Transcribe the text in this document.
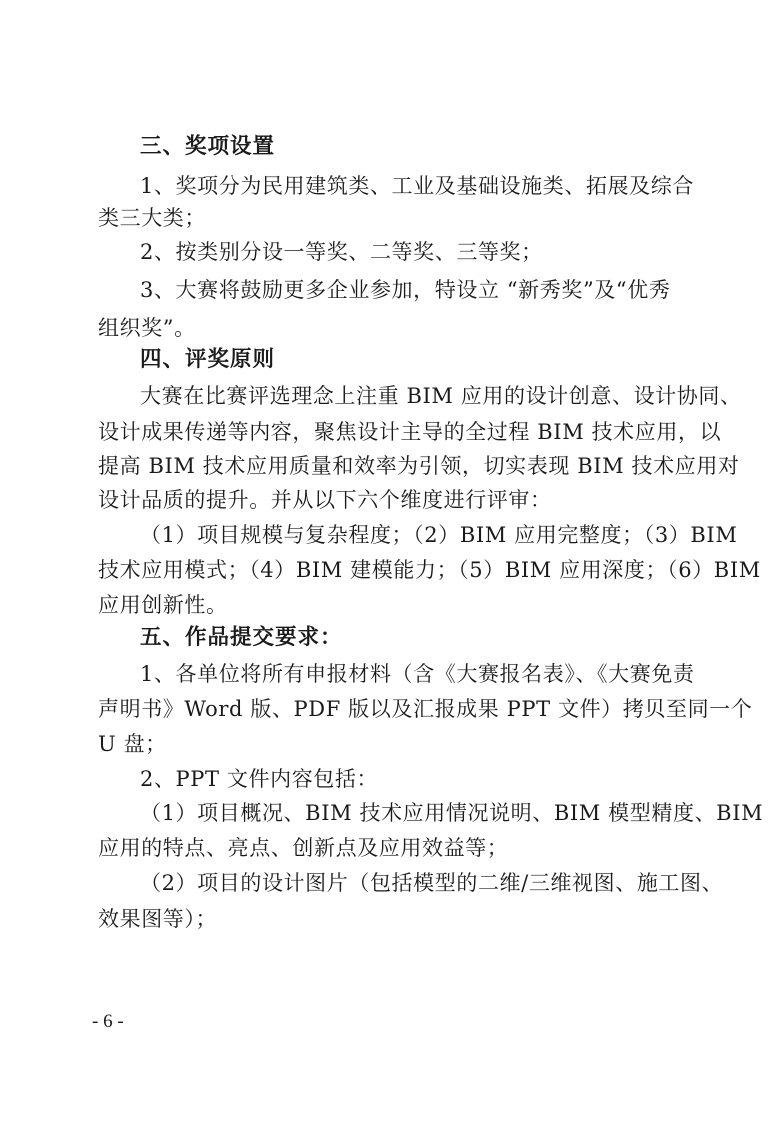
三、奖项设置
1、奖项分为民用建筑类、工业及基础设施类、拓展及综合
类三大类；
2、按类别分设一等奖、二等奖、三等奖；
3、大赛将鼓励更多企业参加，特设立 “新秀奖”及“优秀
组织奖”。
四、评奖原则
大赛在比赛评选理念上注重 BIM 应用的设计创意、设计协同、
设计成果传递等内容，聚焦设计主导的全过程 BIM 技术应用，以
提高 BIM 技术应用质量和效率为引领，切实表现 BIM 技术应用对
设计品质的提升。并从以下六个维度进行评审：
（1）项目规模与复杂程度；（2）BIM 应用完整度；（3）BIM
技术应用模式；（4）BIM 建模能力；（5）BIM 应用深度；（6）BIM
应用创新性。
五、作品提交要求：
1、各单位将所有申报材料（含《大赛报名表》、《大赛免责
声明书》Word 版、PDF 版以及汇报成果 PPT 文件）拷贝至同一个
U 盘；
2、PPT 文件内容包括：
（1）项目概况、BIM 技术应用情况说明、BIM 模型精度、BIM
应用的特点、亮点、创新点及应用效益等；
（2）项目的设计图片（包括模型的二维/三维视图、施工图、
效果图等）；
- 6 -
